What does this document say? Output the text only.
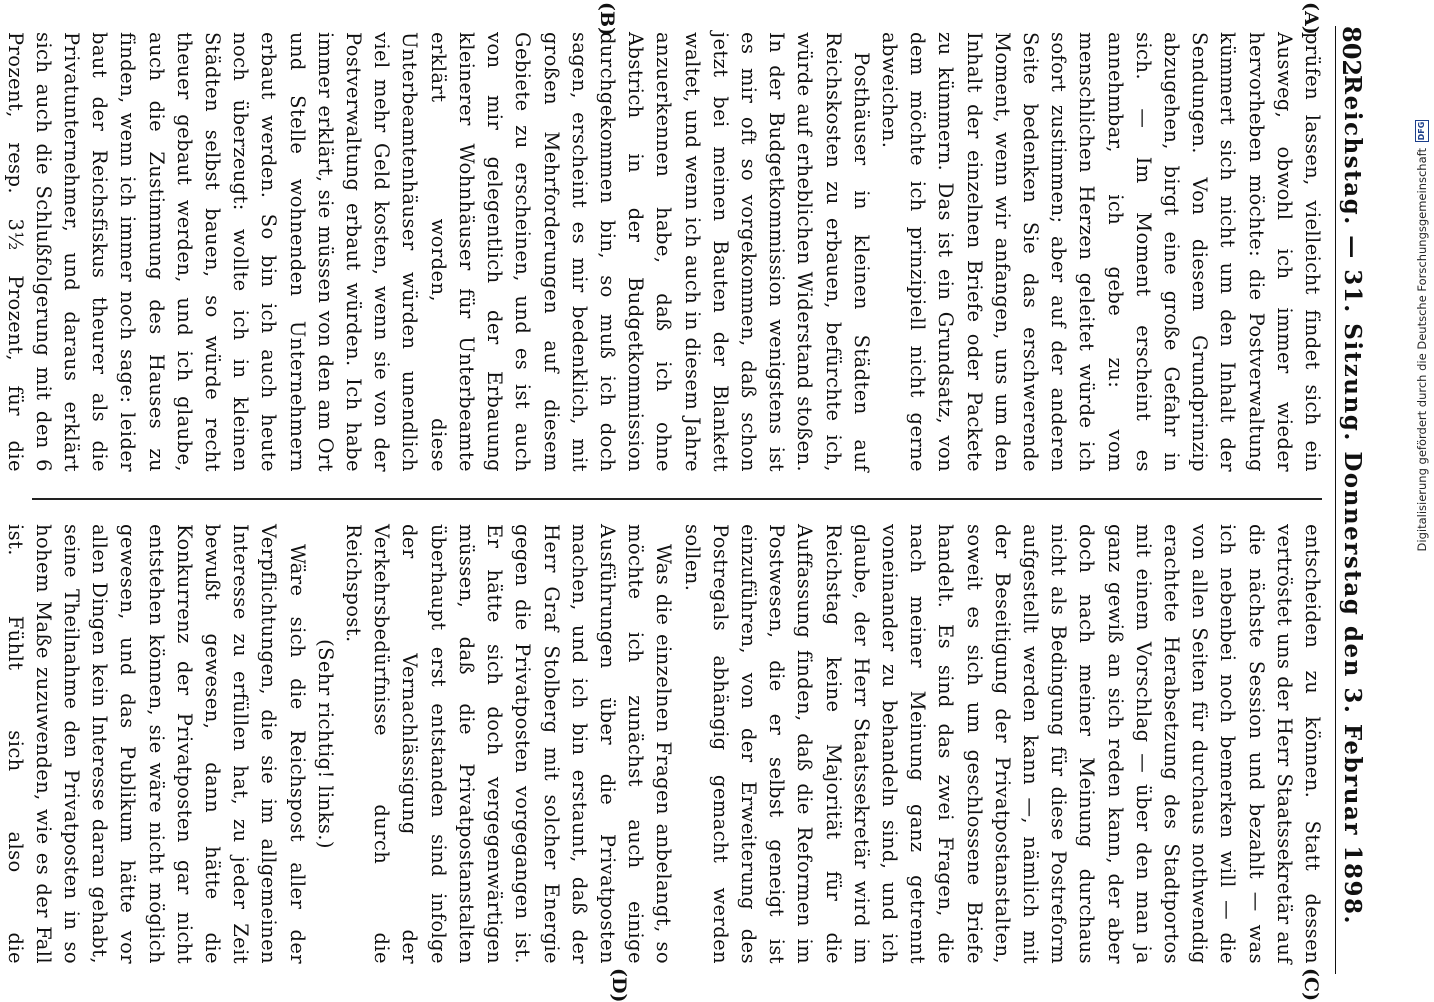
802
Reichstag. — 31. Sitzung. Donnerstag den 3. Februar 1898.
(A)
(B)
(C)
(D)

prüfen lassen, vielleicht findet sich ein Ausweg, obwohl ich immer wieder hervorheben möchte: die Postverwaltung kümmert sich nicht um den Inhalt der Sendungen. Von diesem Grundprinzip abzugehen, birgt eine große Gefahr in sich. — Im Moment erscheint es annehmbar, ich gebe zu: vom menschlichen Herzen geleitet würde ich sofort zustimmen; aber auf der anderen Seite bedenken Sie das erschwerende Moment, wenn wir anfangen, uns um den Inhalt der einzelnen Briefe oder Packete zu kümmern. Das ist ein Grundsatz, von dem möchte ich prinzipiell nicht gerne abweichen.

Posthäuser in kleinen Städten auf Reichskosten zu erbauen, befürchte ich, würde auf erheblichen Widerstand stoßen. In der Budgetkommission wenigstens ist es mir oft so vorgekommen, daß schon jetzt bei meinen Bauten der Blankett waltet, und wenn ich auch in diesem Jahre anzuerkennen habe, daß ich ohne Abstrich in der Budgetkommission durchgekommen bin, so muß ich doch sagen, erscheint es mir bedenklich, mit großen Mehrforderungen auf diesem Gebiete zu erscheinen, und es ist auch von mir gelegentlich der Erbauung kleinerer Wohnhäuser für Unterbeamte erklärt worden, diese Unterbeamtenhäuser würden unendlich viel mehr Geld kosten, wenn sie von der Postverwaltung erbaut würden. Ich habe immer erklärt, sie müssen von den am Ort und Stelle wohnenden Unternehmern erbaut werden. So bin ich auch heute noch überzeugt: wollte ich in kleinen Städten selbst bauen, so würde recht theuer gebaut werden, und ich glaube, auch die Zustimmung des Hauses zu finden, wenn ich immer noch sage: leider baut der Reichsfiskus theurer als die Privatunternehmer, und daraus erklärt sich auch die Schlußfolgerung mit den 6 Prozent, resp. 3½ Prozent, für die

entscheiden zu können. Statt dessen vertröstet uns der Herr Staatssekretär auf die nächste Session und bezahlt — was ich nebenbei noch bemerken will — die von allen Seiten für durchaus nothwendig erachtete Herabsetzung des Stadtportos mit einem Vorschlag — über den man ja ganz gewiß an sich reden kann, der aber doch nach meiner Meinung durchaus nicht als Bedingung für diese Postreform aufgestellt werden kann —, nämlich mit der Beseitigung der Privatpostanstalten, soweit es sich um geschlossene Briefe handelt. Es sind das zwei Fragen, die nach meiner Meinung ganz getrennt voneinander zu behandeln sind, und ich glaube, der Herr Staatssekretär wird im Reichstag keine Majorität für die Auffassung finden, daß die Reformen im Postwesen, die er selbst geneigt ist einzuführen, von der Erweiterung des Postregals abhängig gemacht werden sollen.

Was die einzelnen Fragen anbelangt, so möchte ich zunächst auch einige Ausführungen über die Privatposten machen, und ich bin erstaunt, daß der Herr Graf Stolberg mit solcher Energie gegen die Privatposten vorgegangen ist. Er hätte sich doch vergegenwärtigen müssen, daß die Privatpostanstalten überhaupt erst entstanden sind infolge der Vernachlässigung der Verkehrsbedürfnisse durch die Reichspost.

(Sehr richtig! links.)

Wäre sich die Reichspost aller der Verpflichtungen, die sie im allgemeinen Interesse zu erfüllen hat, zu jeder Zeit bewußt gewesen, dann hätte die Konkurrenz der Privatposten gar nicht entstehen können, sie wäre nicht möglich gewesen, und das Publikum hätte vor allen Dingen kein Interesse daran gehabt, seine Theilnahme den Privatposten in so hohem Maße zuzuwenden, wie es der Fall ist. Fühlt sich also die

Digitalisierung gefördert durch die Deutsche Forschungsgemeinschaft
DFG
